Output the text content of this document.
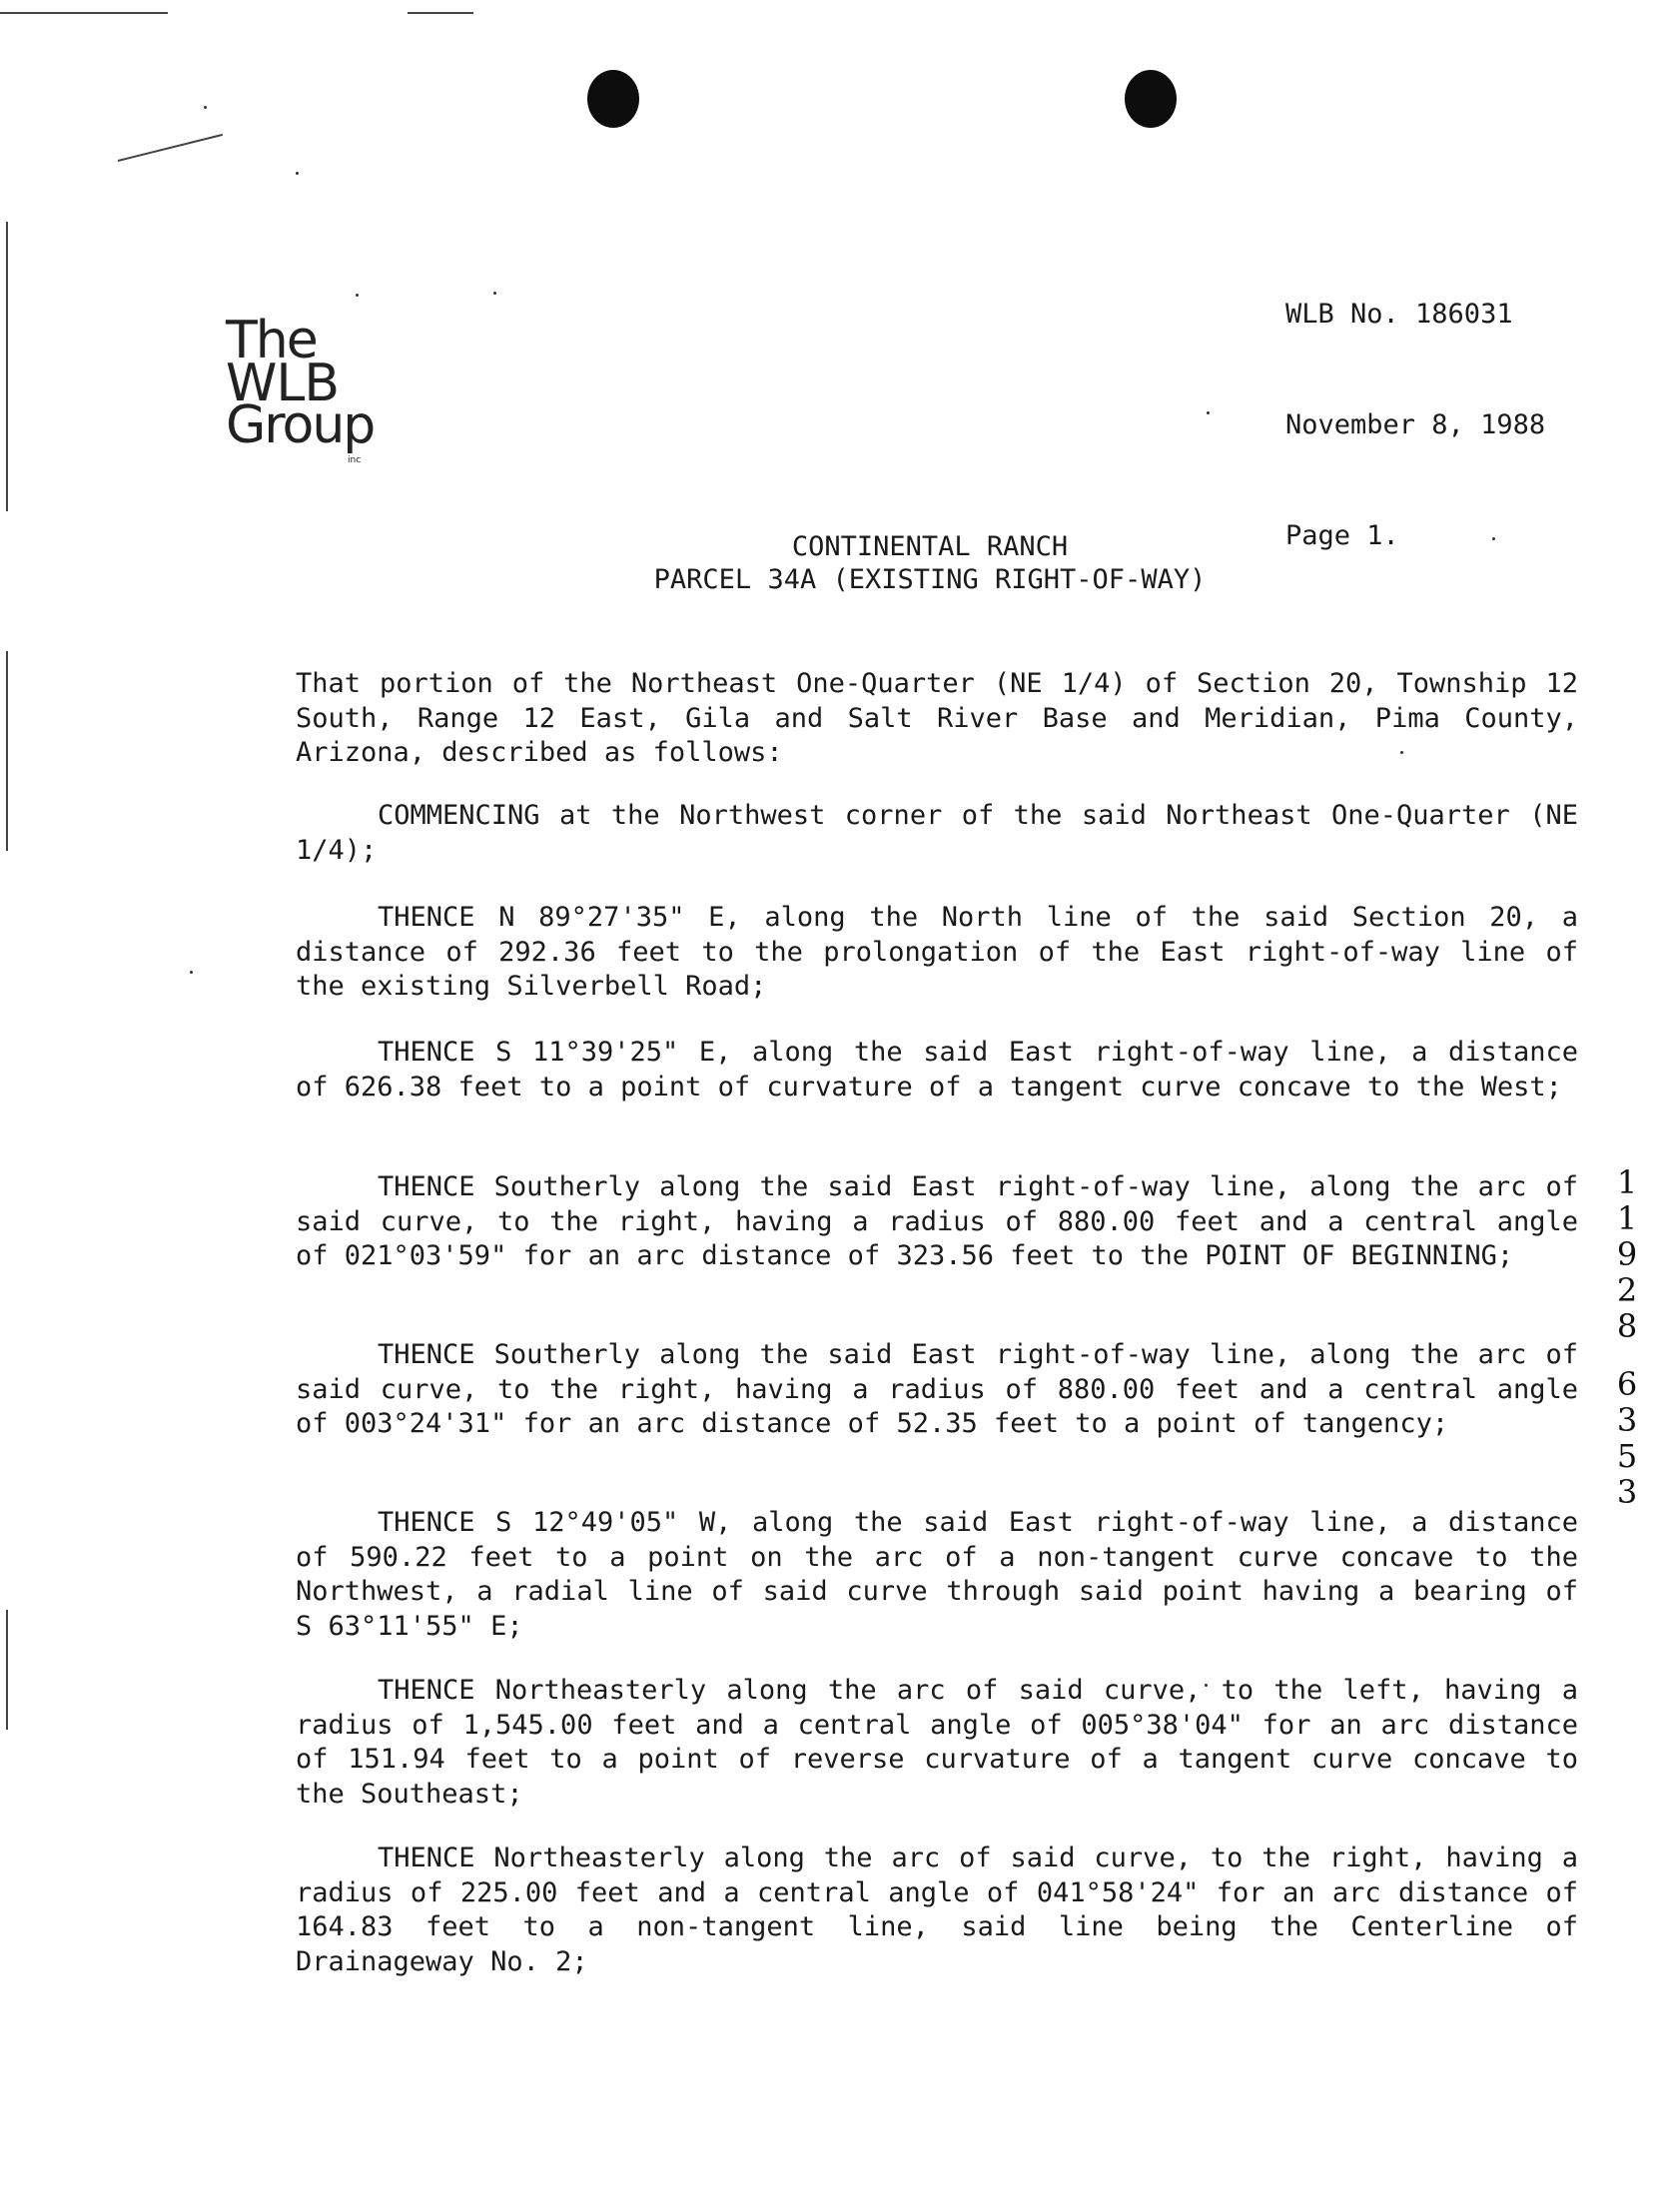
The
WLB
Group
inc

WLB No. 186031

November 8, 1988

Page 1.

CONTINENTAL RANCH
PARCEL 34A (EXISTING RIGHT-OF-WAY)
That portion of the Northeast One-Quarter (NE 1/4) of Section 20, Township 12 South, Range 12 East, Gila and Salt River Base and Meridian, Pima County, Arizona, described as follows:
COMMENCING at the Northwest corner of the said Northeast One-Quarter (NE 1/4);
THENCE N 89°27'35" E, along the North line of the said Section 20, a distance of 292.36 feet to the prolongation of the East right-of-way line of the existing Silverbell Road;
THENCE S 11°39'25" E, along the said East right-of-way line, a distance of 626.38 feet to a point of curvature of a tangent curve concave to the West;
THENCE Southerly along the said East right-of-way line, along the arc of said curve, to the right, having a radius of 880.00 feet and a central angle of 021°03'59" for an arc distance of 323.56 feet to the POINT OF BEGINNING;
THENCE Southerly along the said East right-of-way line, along the arc of said curve, to the right, having a radius of 880.00 feet and a central angle of 003°24'31" for an arc distance of 52.35 feet to a point of tangency;
THENCE S 12°49'05" W, along the said East right-of-way line, a distance of 590.22 feet to a point on the arc of a non-tangent curve concave to the Northwest, a radial line of said curve through said point having a bearing of S 63°11'55" E;
THENCE Northeasterly along the arc of said curve, to the left, having a radius of 1,545.00 feet and a central angle of 005°38'04" for an arc distance of 151.94 feet to a point of reverse curvature of a tangent curve concave to the Southeast;
THENCE Northeasterly along the arc of said curve, to the right, having a radius of 225.00 feet and a central angle of 041°58'24" for an arc distance of 164.83 feet to a non-tangent line, said line being the Centerline of Drainageway No. 2;
1
1
9
2
8
6
3
5
3
